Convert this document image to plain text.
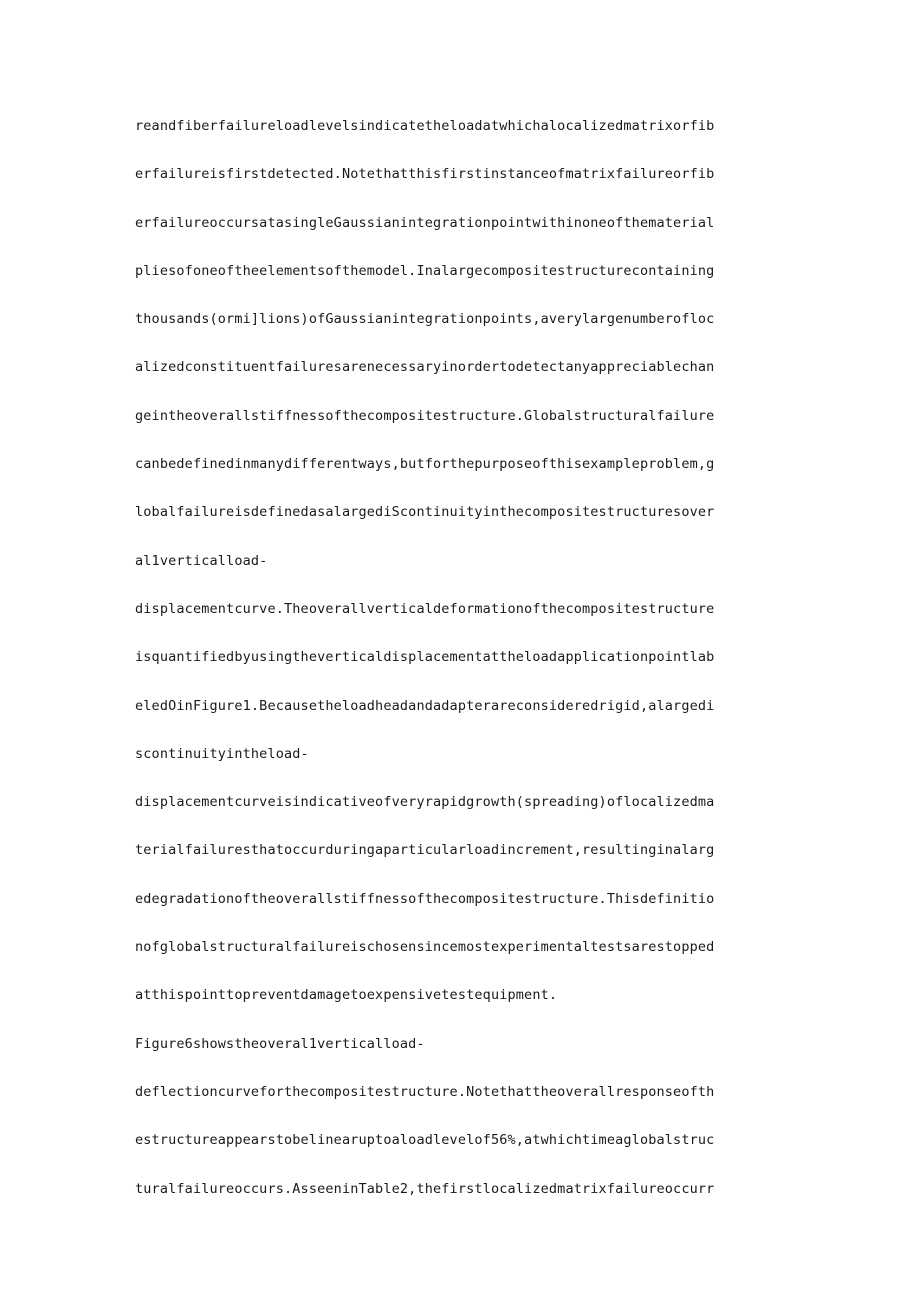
reandfiberfailureloadlevelsindicatetheloadatwhichalocalizedmatrixorfib
erfailureisfirstdetected.Notethatthisfirstinstanceofmatrixfailureorfib
erfailureoccursatasingleGaussianintegrationpointwithinoneofthematerial
pliesofoneoftheelementsofthemodel.Inalargecompositestructurecontaining
thousands(ormi]lions)ofGaussianintegrationpoints,averylargenumberofloc
alizedconstituentfailuresarenecessaryinordertodetectanyappreciablechan
geintheoverallstiffnessofthecompositestructure.Globalstructuralfailure
canbedefinedinmanydifferentways,butforthepurposeofthisexampleproblem,g
lobalfailureisdefinedasalargediScontinuityinthecompositestructuresover
al1verticalload-
displacementcurve.Theoverallverticaldeformationofthecompositestructure
isquantifiedbyusingtheverticaldisplacementattheloadapplicationpointlab
eledOinFigure1.Becausetheloadheadandadapterareconsideredrigid,alargedi
scontinuityintheload-
displacementcurveisindicativeofveryrapidgrowth(spreading)oflocalizedma
terialfailuresthatoccurduringaparticularloadincrement,resultinginalarg
edegradationoftheoverallstiffnessofthecompositestructure.Thisdefinitio
nofglobalstructuralfailureischosensincemostexperimentaltestsarestopped
atthispointtopreventdamagetoexpensivetestequipment.
Figure6showstheoveral1verticalload-
deflectioncurveforthecompositestructure.Notethattheoverallresponseofth
estructureappearstobelinearuptoaloadlevelof56%,atwhichtimeaglobalstruc
turalfailureoccurs.AsseeninTable2,thefirstlocalizedmatrixfailureoccurr
